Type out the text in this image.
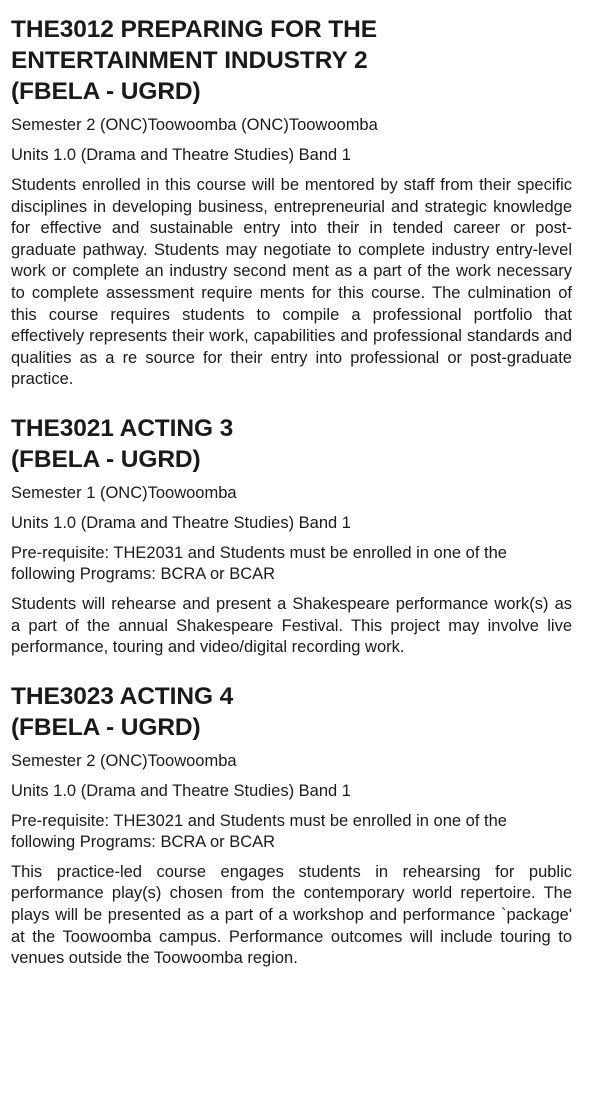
THE3012 PREPARING FOR THE
ENTERTAINMENT INDUSTRY 2
(FBELA - UGRD)

Semester 2 (ONC)Toowoomba (ONC)Toowoomba

Units 1.0 (Drama and Theatre Studies) Band 1

Students enrolled in this course will be mentored by staff from their specific disciplines in developing business, entrepreneurial and strategic knowledge for effective and sustainable entry into their in tended career or post-graduate pathway. Students may negotiate to complete industry entry-level work or complete an industry second ment as a part of the work necessary to complete assessment require ments for this course. The culmination of this course requires students to compile a professional portfolio that effectively represents their work, capabilities and professional standards and qualities as a re source for their entry into professional or post-graduate practice.

THE3021 ACTING 3
(FBELA - UGRD)

Semester 1 (ONC)Toowoomba

Units 1.0 (Drama and Theatre Studies) Band 1

Pre-requisite: THE2031 and Students must be enrolled in one of the following Programs: BCRA or BCAR

Students will rehearse and present a Shakespeare performance work(s) as a part of the annual Shakespeare Festival. This project may involve live performance, touring and video/digital recording work.

THE3023 ACTING 4
(FBELA - UGRD)

Semester 2 (ONC)Toowoomba

Units 1.0 (Drama and Theatre Studies) Band 1

Pre-requisite: THE3021 and Students must be enrolled in one of the following Programs: BCRA or BCAR

This practice-led course engages students in rehearsing for public performance play(s) chosen from the contemporary world repertoire. The plays will be presented as a part of a workshop and performance `package' at the Toowoomba campus. Performance outcomes will include touring to venues outside the Toowoomba region.
